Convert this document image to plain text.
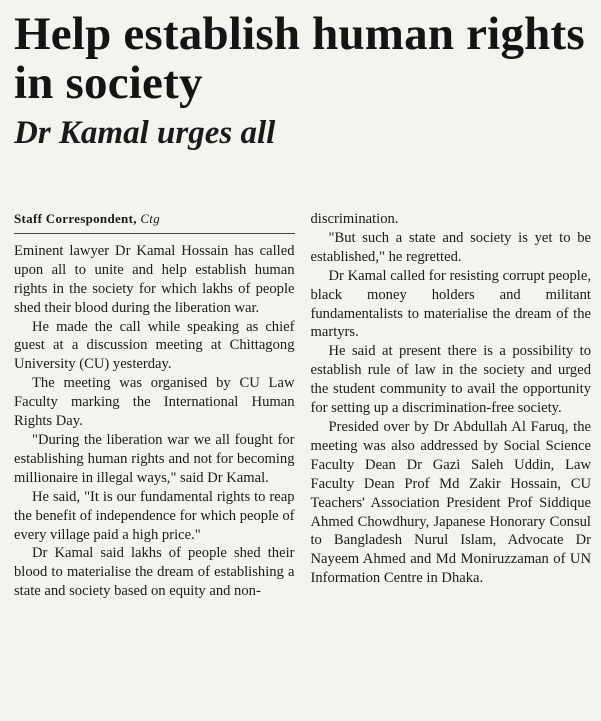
Help establish human rights in society
Dr Kamal urges all
Staff Correspondent, Ctg

Eminent lawyer Dr Kamal Hossain has called upon all to unite and help establish human rights in the society for which lakhs of people shed their blood during the liberation war.

He made the call while speaking as chief guest at a discussion meeting at Chittagong University (CU) yesterday.

The meeting was organised by CU Law Faculty marking the International Human Rights Day.

"During the liberation war we all fought for establishing human rights and not for becoming millionaire in illegal ways," said Dr Kamal.

He said, "It is our fundamental rights to reap the benefit of independence for which people of every village paid a high price."

Dr Kamal said lakhs of people shed their blood to materialise the dream of establishing a state and society based on equity and non-

discrimination.

"But such a state and society is yet to be established," he regretted.

Dr Kamal called for resisting corrupt people, black money holders and militant fundamentalists to materialise the dream of the martyrs.

He said at present there is a possibility to establish rule of law in the society and urged the student community to avail the opportunity for setting up a discrimination-free society.

Presided over by Dr Abdullah Al Faruq, the meeting was also addressed by Social Science Faculty Dean Dr Gazi Saleh Uddin, Law Faculty Dean Prof Md Zakir Hossain, CU Teachers' Association President Prof Siddique Ahmed Chowdhury, Japanese Honorary Consul to Bangladesh Nurul Islam, Advocate Dr Nayeem Ahmed and Md Moniruzzaman of UN Information Centre in Dhaka.
